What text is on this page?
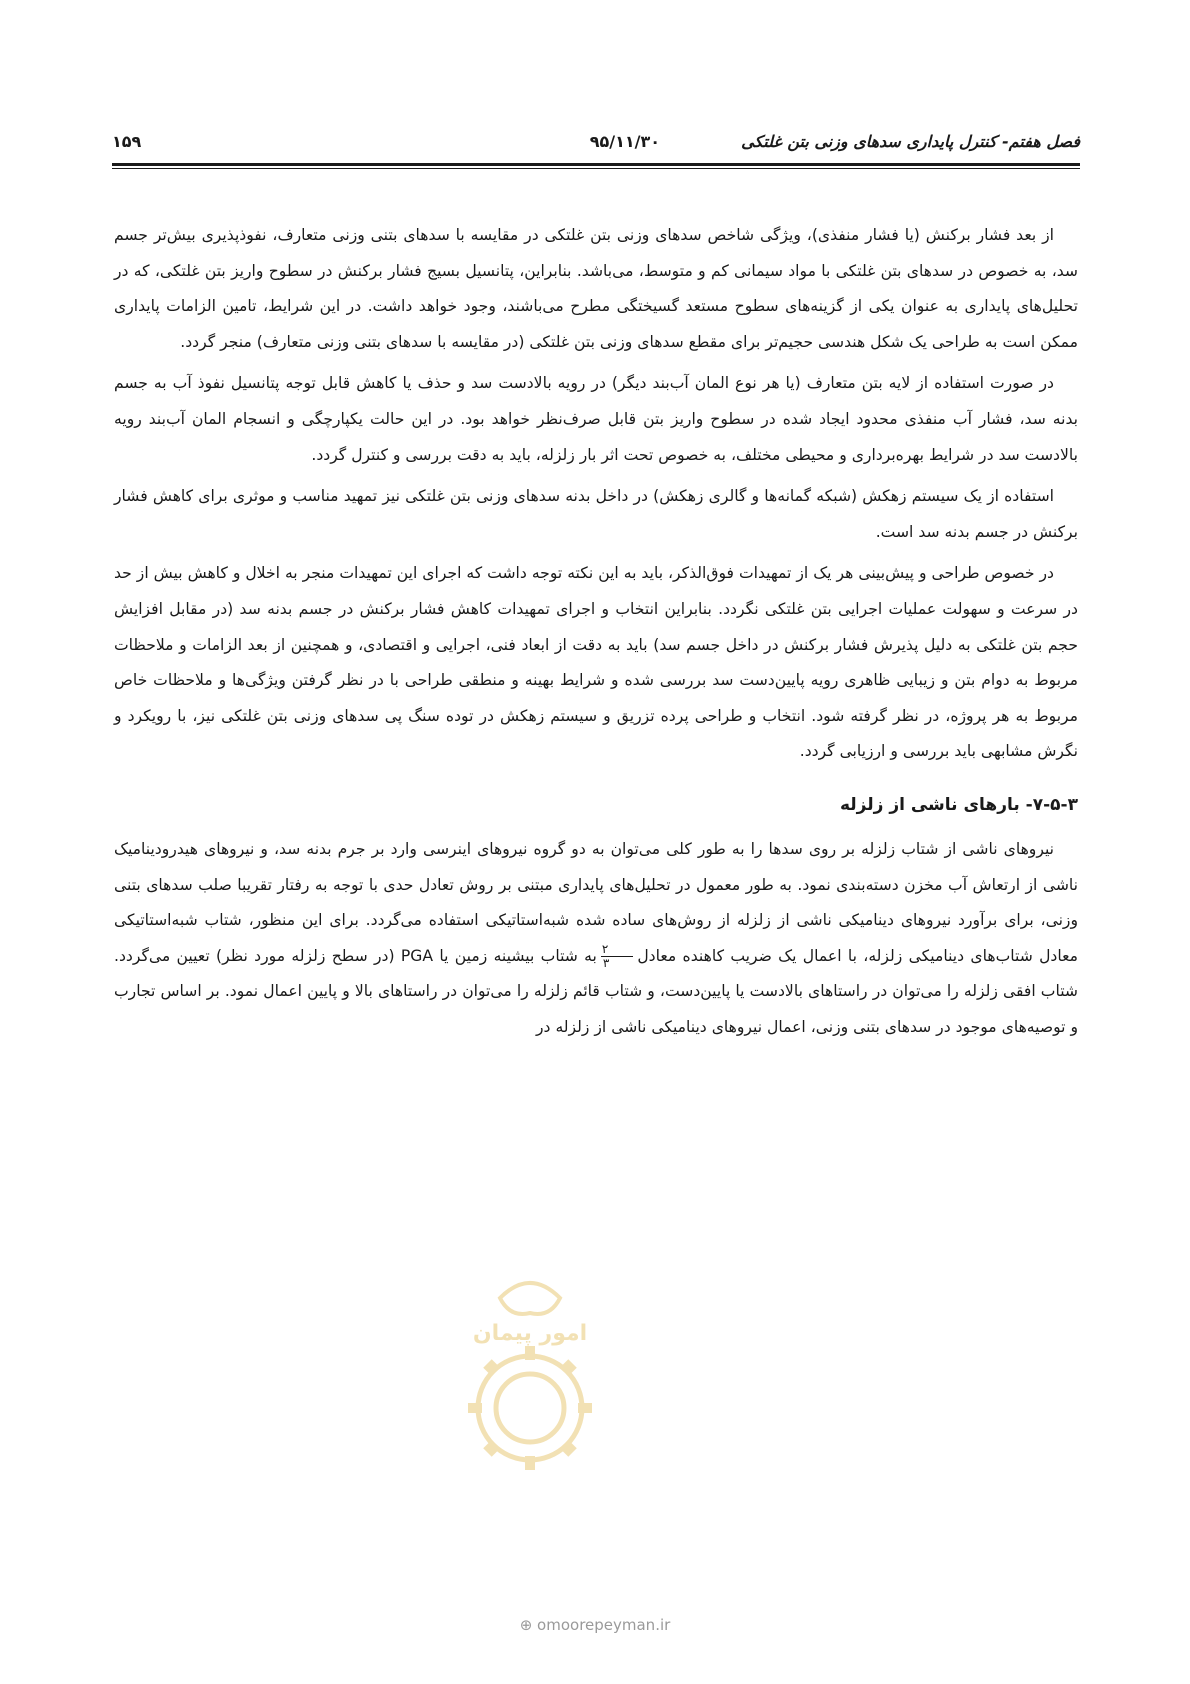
فصل هفتم- کنترل پایداری سدهای وزنی بتن غلتکی
۹۵/۱۱/۳۰
۱۵۹

از بعد فشار برکنش (یا فشار منفذی)، ویژگی شاخص سدهای وزنی بتن غلتکی در مقایسه با سدهای بتنی وزنی متعارف، نفوذپذیری بیش‌تر جسم سد، به خصوص در سدهای بتن غلتکی با مواد سیمانی کم و متوسط، می‌باشد. بنابراین، پتانسیل بسیج فشار برکنش در سطوح واریز بتن غلتکی، که در تحلیل‌های پایداری به عنوان یکی از گزینه‌های سطوح مستعد گسیختگی مطرح می‌باشند، وجود خواهد داشت. در این شرایط، تامین الزامات پایداری ممکن است به طراحی یک شکل هندسی حجیم‌تر برای مقطع سدهای وزنی بتن غلتکی (در مقایسه با سدهای بتنی وزنی متعارف) منجر گردد.

در صورت استفاده از لایه بتن متعارف (یا هر نوع المان آب‌بند دیگر) در رویه بالادست سد و حذف یا کاهش قابل توجه پتانسیل نفوذ آب به جسم بدنه سد، فشار آب منفذی محدود ایجاد شده در سطوح واریز بتن قابل صرف‌نظر خواهد بود. در این حالت یکپارچگی و انسجام المان آب‌بند رویه بالادست سد در شرایط بهره‌برداری و محیطی مختلف، به خصوص تحت اثر بار زلزله، باید به دقت بررسی و کنترل گردد.

استفاده از یک سیستم زهکش (شبکه گمانه‌ها و گالری زهکش) در داخل بدنه سدهای وزنی بتن غلتکی نیز تمهید مناسب و موثری برای کاهش فشار برکنش در جسم بدنه سد است.

در خصوص طراحی و پیش‌بینی هر یک از تمهیدات فوق‌الذکر، باید به این نکته توجه داشت که اجرای این تمهیدات منجر به اخلال و کاهش بیش از حد در سرعت و سهولت عملیات اجرایی بتن غلتکی نگردد. بنابراین انتخاب و اجرای تمهیدات کاهش فشار برکنش در جسم بدنه سد (در مقابل افزایش حجم بتن غلتکی به دلیل پذیرش فشار برکنش در داخل جسم سد) باید به دقت از ابعاد فنی، اجرایی و اقتصادی، و همچنین از بعد الزامات و ملاحظات مربوط به دوام بتن و زیبایی ظاهری رویه پایین‌دست سد بررسی شده و شرایط بهینه و منطقی طراحی با در نظر گرفتن ویژگی‌ها و ملاحظات خاص مربوط به هر پروژه، در نظر گرفته شود. انتخاب و طراحی پرده تزریق و سیستم زهکش در توده سنگ پی سدهای وزنی بتن غلتکی نیز، با رویکرد و نگرش مشابهی باید بررسی و ارزیابی گردد.

۷-۵-۳- بارهای ناشی از زلزله

نیروهای ناشی از شتاب زلزله بر روی سدها را به طور کلی می‌توان به دو گروه نیروهای اینرسی وارد بر جرم بدنه سد، و نیروهای هیدرودینامیک ناشی از ارتعاش آب مخزن دسته‌بندی نمود. به طور معمول در تحلیل‌های پایداری مبتنی بر روش تعادل حدی با توجه به رفتار تقریبا صلب سدهای بتنی وزنی، برای برآورد نیروهای دینامیکی ناشی از زلزله از روش‌های ساده شده شبه‌استاتیکی استفاده می‌گردد. برای این منظور، شتاب شبه‌استاتیکی معادل شتاب‌های دینامیکی زلزله، با اعمال یک ضریب کاهنده معادل
$\frac{۲}{۳}$
به شتاب بیشینه زمین یا PGA (در سطح زلزله مورد نظر) تعیین می‌گردد. شتاب افقی زلزله را می‌توان در راستاهای بالادست یا پایین‌دست، و شتاب قائم زلزله را می‌توان در راستاهای بالا و پایین اعمال نمود. بر اساس تجارب و توصیه‌های موجود در سدهای بتنی وزنی، اعمال نیروهای دینامیکی ناشی از زلزله در

امور پیمان
⊕ omoorepeyman.ir
